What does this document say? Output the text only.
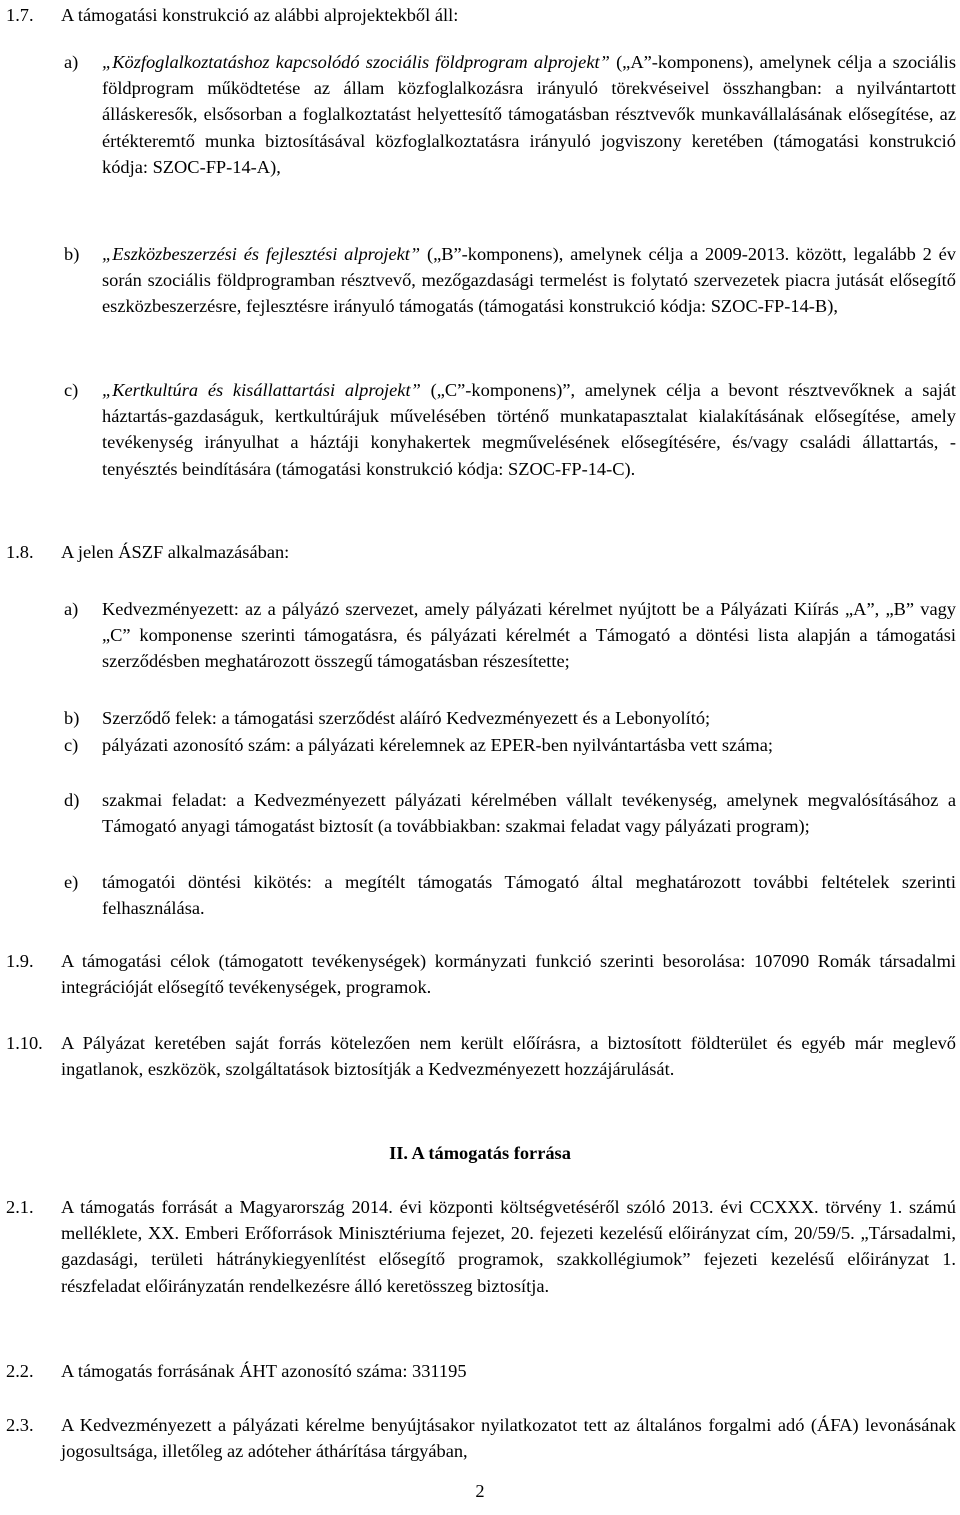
1.7. A támogatási konstrukció az alábbi alprojektekből áll:
a) „Közfoglalkoztatáshoz kapcsolódó szociális földprogram alprojekt” („A”-komponens), amelynek célja a szociális földprogram működtetése az állam közfoglalkozásra irányuló törekvéseivel összhangban: a nyilvántartott álláskeresők, elsősorban a foglalkoztatást helyettesítő támogatásban résztvevők munkavállalásának elősegítése, az értékteremtő munka biztosításával közfoglalkoztatásra irányuló jogviszony keretében (támogatási konstrukció kódja: SZOC-FP-14-A),
b) „Eszközbeszerzési és fejlesztési alprojekt” („B”-komponens), amelynek célja a 2009-2013. között, legalább 2 év során szociális földprogramban résztvevő, mezőgazdasági termelést is folytató szervezetek piacra jutását elősegítő eszközbeszerzésre, fejlesztésre irányuló támogatás (támogatási konstrukció kódja: SZOC-FP-14-B),
c) „Kertkultúra és kisállattartási alprojekt” („C”-komponens)”, amelynek célja a bevont résztvevőknek a saját háztartás-gazdaságuk, kertkultúrájuk művelésében történő munkatapasztalat kialakításának elősegítése, amely tevékenység irányulhat a háztáji konyhakertek megművelésének elősegítésére, és/vagy családi állattartás, -tenyésztés beindítására (támogatási konstrukció kódja: SZOC-FP-14-C).
1.8. A jelen ÁSZF alkalmazásában:
a) Kedvezményezett: az a pályázó szervezet, amely pályázati kérelmet nyújtott be a Pályázati Kiírás „A”, „B” vagy „C” komponense szerinti támogatásra, és pályázati kérelmét a Támogató a döntési lista alapján a támogatási szerződésben meghatározott összegű támogatásban részesítette;
b) Szerződő felek: a támogatási szerződést aláíró Kedvezményezett és a Lebonyolító;
c) pályázati azonosító szám: a pályázati kérelemnek az EPER-ben nyilvántartásba vett száma;
d) szakmai feladat: a Kedvezményezett pályázati kérelmében vállalt tevékenység, amelynek megvalósításához a Támogató anyagi támogatást biztosít (a továbbiakban: szakmai feladat vagy pályázati program);
e) támogatói döntési kikötés: a megítélt támogatás Támogató által meghatározott további feltételek szerinti felhasználása.
1.9. A támogatási célok (támogatott tevékenységek) kormányzati funkció szerinti besorolása: 107090 Romák társadalmi integrációját elősegítő tevékenységek, programok.
1.10. A Pályázat keretében saját forrás kötelezően nem került előírásra, a biztosított földterület és egyéb már meglevő ingatlanok, eszközök, szolgáltatások biztosítják a Kedvezményezett hozzájárulását.
II. A támogatás forrása
2.1. A támogatás forrását a Magyarország 2014. évi központi költségvetéséről szóló 2013. évi CCXXX. törvény 1. számú melléklete, XX. Emberi Erőforrások Minisztériuma fejezet, 20. fejezeti kezelésű előirányzat cím, 20/59/5. „Társadalmi, gazdasági, területi hátránykiegyenlítést elősegítő programok, szakkollégiumok” fejezeti kezelésű előirányzat 1. részfeladat előirányzatán rendelkezésre álló keretösszeg biztosítja.
2.2. A támogatás forrásának ÁHT azonosító száma: 331195
2.3. A Kedvezményezett a pályázati kérelme benyújtásakor nyilatkozatot tett az általános forgalmi adó (ÁFA) levonásának jogosultsága, illetőleg az adóteher áthárítása tárgyában,
2
